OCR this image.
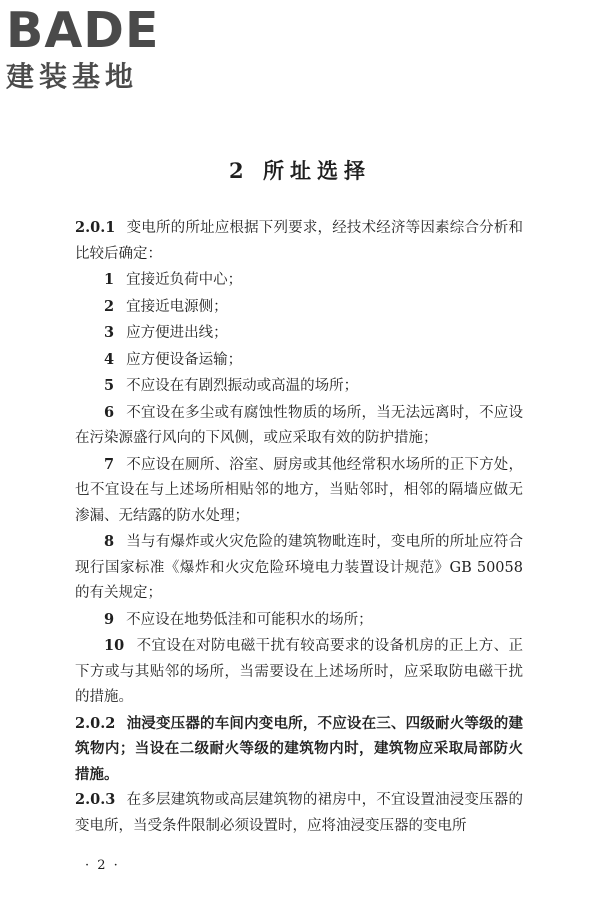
BADE
建装基地
2 所址选择

2.0.1 变电所的所址应根据下列要求，经技术经济等因素综合分析和比较后确定：

1 宜接近负荷中心；

2 宜接近电源侧；

3 应方便进出线；

4 应方便设备运输；

5 不应设在有剧烈振动或高温的场所；

6 不宜设在多尘或有腐蚀性物质的场所，当无法远离时，不应设在污染源盛行风向的下风侧，或应采取有效的防护措施；

7 不应设在厕所、浴室、厨房或其他经常积水场所的正下方处，也不宜设在与上述场所相贴邻的地方，当贴邻时，相邻的隔墙应做无渗漏、无结露的防水处理；

8 当与有爆炸或火灾危险的建筑物毗连时，变电所的所址应符合现行国家标准《爆炸和火灾危险环境电力装置设计规范》GB 50058的有关规定；

9 不应设在地势低洼和可能积水的场所；

10 不宜设在对防电磁干扰有较高要求的设备机房的正上方、正下方或与其贴邻的场所，当需要设在上述场所时，应采取防电磁干扰的措施。

2.0.2 油浸变压器的车间内变电所，不应设在三、四级耐火等级的建筑物内；当设在二级耐火等级的建筑物内时，建筑物应采取局部防火措施。

2.0.3 在多层建筑物或高层建筑物的裙房中，不宜设置油浸变压器的变电所，当受条件限制必须设置时，应将油浸变压器的变电所

· 2 ·
